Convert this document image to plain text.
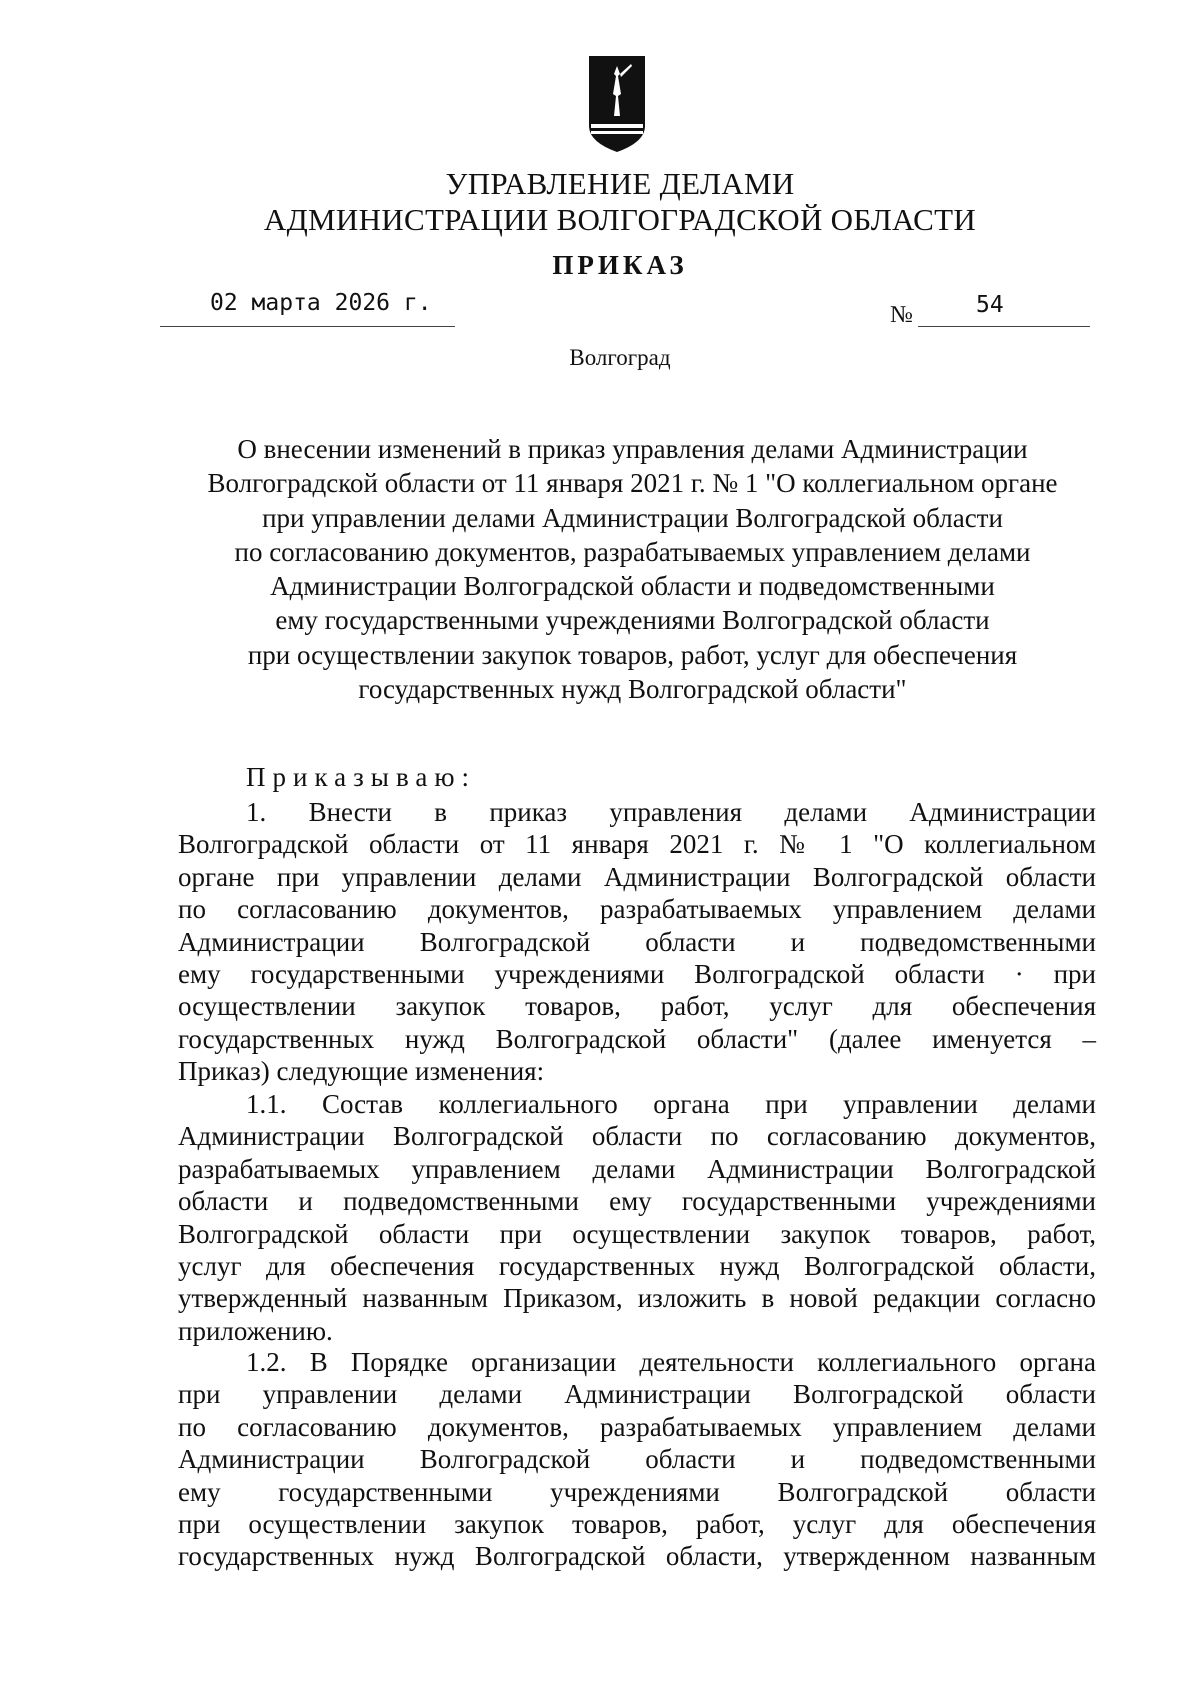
УПРАВЛЕНИЕ ДЕЛАМИ
АДМИНИСТРАЦИИ ВОЛГОГРАДСКОЙ ОБЛАСТИ
ПРИКАЗ
02 марта 2026 г.	№	54
Волгоград
О внесении изменений в приказ управления делами Администрации
Волгоградской области от 11 января 2021 г. № 1 "О коллегиальном органе
при управлении делами Администрации Волгоградской области
по согласованию документов, разрабатываемых управлением делами
Администрации Волгоградской области и подведомственными
ему государственными учреждениями Волгоградской области
при осуществлении закупок товаров, работ, услуг для обеспечения
государственных нужд Волгоградской области"
Приказываю:
1. Внести в приказ управления делами Администрации
Волгоградской области от 11 января 2021 г. № 1 "О коллегиальном
органе при управлении делами Администрации Волгоградской области
по согласованию документов, разрабатываемых управлением делами
Администрации Волгоградской области и подведомственными
ему государственными учреждениями Волгоградской области · при
осуществлении закупок товаров, работ, услуг для обеспечения
государственных нужд Волгоградской области" (далее именуется –
Приказ) следующие изменения:
1.1. Состав коллегиального органа при управлении делами
Администрации Волгоградской области по согласованию документов,
разрабатываемых управлением делами Администрации Волгоградской
области и подведомственными ему государственными учреждениями
Волгоградской области при осуществлении закупок товаров, работ,
услуг для обеспечения государственных нужд Волгоградской области,
утвержденный названным Приказом, изложить в новой редакции согласно
приложению.
1.2. В Порядке организации деятельности коллегиального органа
при управлении делами Администрации Волгоградской области
по согласованию документов, разрабатываемых управлением делами
Администрации Волгоградской области и подведомственными
ему государственными учреждениями Волгоградской области
при осуществлении закупок товаров, работ, услуг для обеспечения
государственных нужд Волгоградской области, утвержденном названным
